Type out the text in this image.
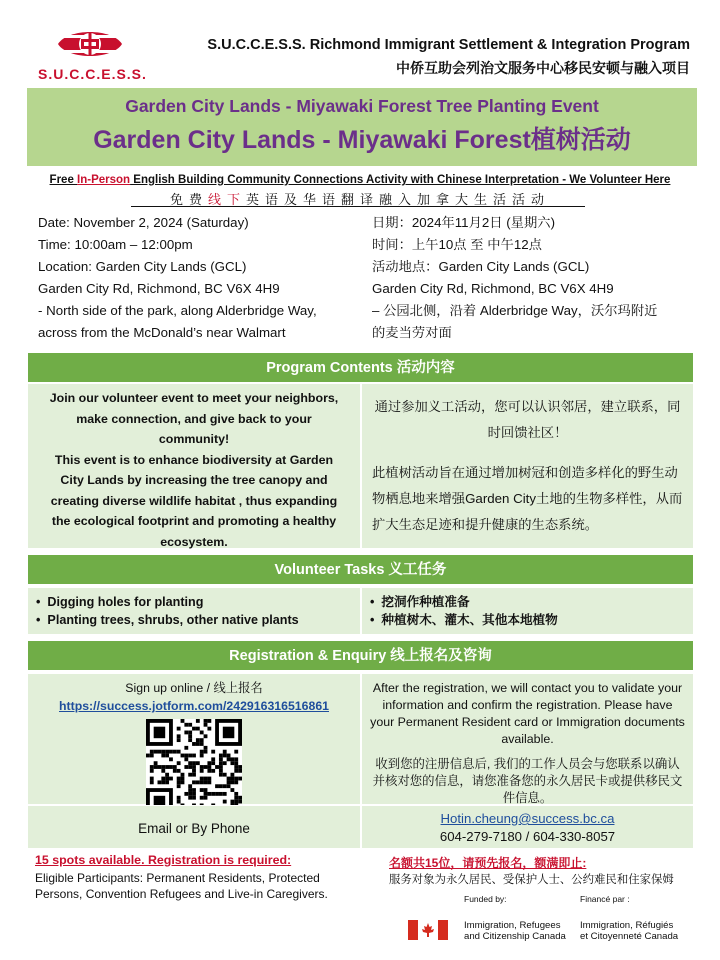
S.U.C.C.E.S.S.
S.U.C.C.E.S.S. Richmond Immigrant Settlement & Integration Program
中侨互助会列治文服务中心移民安顿与融入项目
Garden City Lands - Miyawaki Forest Tree Planting Event
Garden City Lands - Miyawaki Forest植树活动
Free In-Person English Building Community Connections Activity with Chinese Interpretation - We Volunteer Here
免费线下英语及华语翻译融入加拿大生活活动
Date: November 2, 2024 (Saturday)
Time: 10:00am – 12:00pm
Location: Garden City Lands (GCL)
Garden City Rd, Richmond, BC V6X 4H9
- North side of the park, along Alderbridge Way,
across from the McDonald’s near Walmart
日期：2024年11月2日 (星期六)
时间：上午10点 至 中午12点
活动地点：Garden City Lands (GCL)
Garden City Rd, Richmond, BC V6X 4H9
– 公园北侧，沿着 Alderbridge Way，沃尔玛附近
的麦当劳对面
Program Contents 活动内容
Join our volunteer event to meet your neighbors, make connection, and give back to your community!
This event is to enhance biodiversity at Garden City Lands by increasing the tree canopy and creating diverse wildlife habitat , thus expanding the ecological footprint and promoting a healthy ecosystem.
通过参加义工活动，您可以认识邻居，建立联系，同时回馈社区！
此植树活动旨在通过增加树冠和创造多样化的野生动物栖息地来增强Garden City土地的生物多样性，从而扩大生态足迹和提升健康的生态系统。
Volunteer Tasks 义工任务
• Digging holes for planting
• Planting trees, shrubs, other native plants
• 挖洞作种植准备
• 种植树木、灌木、其他本地植物
Registration & Enquiry 线上报名及咨询
Sign up online / 线上报名
https://success.jotform.com/242916316516861

After the registration, we will contact you to validate your information and confirm the registration. Please have your Permanent Resident card or Immigration documents available.

收到您的注册信息后, 我们的工作人员会与您联系以确认并核对您的信息，请您准备您的永久居民卡或提供移民文件信息。

Email or By Phone
Hotin.cheung@success.bc.ca
604-279-7180 / 604-330-8057
15 spots available. Registration is required:
Eligible Participants: Permanent Residents, Protected Persons, Convention Refugees and Live-in Caregivers.
名额共15位，请预先报名，额满即止:
服务对象为永久居民、受保护人士、公约难民和住家保姆
Funded by:	Financé par :
Immigration, Refugees
and Citizenship Canada
Immigration, Réfugiés
et Citoyenneté Canada
